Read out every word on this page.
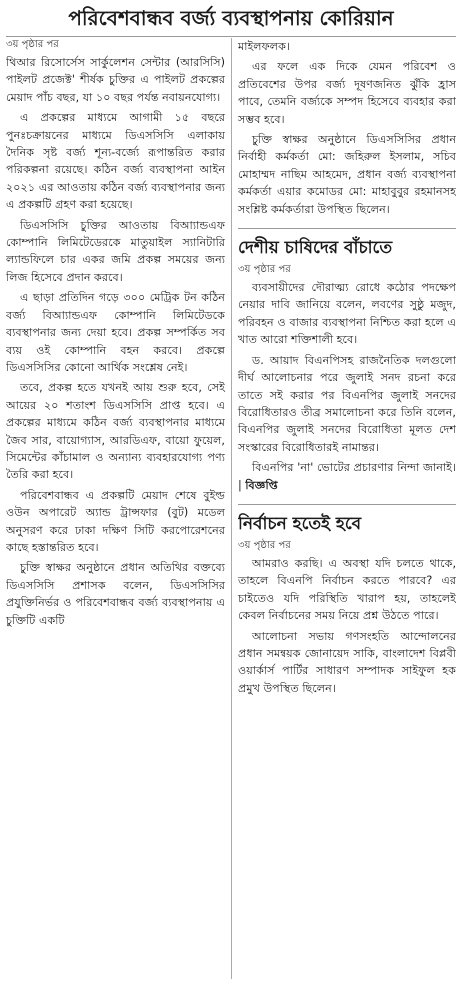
পরিবেশবান্ধব বর্জ্য ব্যবস্থাপনায় কোরিয়ান
৩য় পৃষ্ঠার পর

থিআর রিসোর্সেস সার্কুলেশন সেন্টার (আরসিসি) পাইলট প্রজেক্ট' শীর্ষক চুক্তির এ পাইলট প্রকল্পের মেয়াদ পাঁচ বছর, যা ১০ বছর পর্যন্ত নবায়নযোগ্য।

এ প্রকল্পের মাধ্যমে আগামী ১৫ বছরে পুনঃচক্রায়নের মাধ্যমে ডিএসসিসি এলাকায় দৈনিক সৃষ্ট বর্জ্য শূন্য-বর্জ্যে রূপান্তরিত করার পরিকল্পনা রয়েছে। কঠিন বর্জ্য ব্যবস্থাপনা আইন ২০২১ এর আওতায় কঠিন বর্জ্য ব্যবস্থাপনার জন্য এ প্রকল্পটি গ্রহণ করা হয়েছে।

ডিএসসিসি চুক্তির আওতায় বিআ্যান্ডএফ কোম্পানি লিমিটেডেরকে মাতুয়াইল স্যানিটারি ল্যান্ডফিলে চার একর জমি প্রকল্প সময়ের জন্য লিজ হিসেবে প্রদান করবে।

এ ছাড়া প্রতিদিন গড়ে ৩০০ মেট্রিক টন কঠিন বর্জ্য বিআ্যান্ডএফ কোম্পানি লিমিটেডকে ব্যবস্থাপনার জন্য দেয়া হবে। প্রকল্প সম্পর্কিত সব ব্যয় ওই কোম্পানি বহন করবে। প্রকল্পে ডিএসসিসির কোনো আর্থিক সংশ্লেষ নেই।

তবে, প্রকল্প হতে যখনই আয় শুরু হবে, সেই আয়ের ২০ শতাংশ ডিএসসিসি প্রাপ্ত হবে। এ প্রকল্পের মাধ্যমে কঠিন বর্জ্য ব্যবস্থাপনার মাধ্যমে জৈব সার, বায়োগ্যাস, আরডিএফ, বায়ো ফুয়েল, সিমেন্টের কাঁচামাল ও অন্যান্য ব্যবহারযোগ্য পণ্য তৈরি করা হবে।

পরিবেশবান্ধব এ প্রকল্পটি মেয়াদ শেষে বুইল্ড ওউন অপারেট অ্যান্ড ট্রান্সফার (বুট) মডেল অনুসরণ করে ঢাকা দক্ষিণ সিটি করপোরেশনের কাছে হস্তান্তরিত হবে।

চুক্তি স্বাক্ষর অনুষ্ঠানে প্রধান অতিথির বক্তব্যে ডিএসসিসি প্রশাসক বলেন, ডিএসসিসির প্রযুক্তিনির্ভর ও পরিবেশবান্ধব বর্জ্য ব্যবস্থাপনায় এ চুক্তিটি একটি

মাইলফলক।

এর ফলে এক দিকে যেমন পরিবেশ ও প্রতিবেশের উপর বর্জ্য দূষণজনিত ঝুঁকি হ্রাস পাবে, তেমনি বর্জ্যকে সম্পদ হিসেবে ব্যবহার করা সম্ভব হবে।

চুক্তি স্বাক্ষর অনুষ্ঠানে ডিএসসিসির প্রধান নির্বাহী কর্মকর্তা মো: জহিরুল ইসলাম, সচিব মোহাম্মদ নাছিম আহমেদ, প্রধান বর্জ্য ব্যবস্থাপনা কর্মকর্তা এয়ার কমোডর মো: মাহাবুবুর রহমানসহ সংশ্লিষ্ট কর্মকর্তারা উপস্থিত ছিলেন।

দেশীয় চাষিদের বাঁচাতে
৩য় পৃষ্ঠার পর

ব্যবসায়ীদের দৌরাত্ম্য রোধে কঠোর পদক্ষেপ নেয়ার দাবি জানিয়ে বলেন, লবণের সুষ্ঠু মজুদ, পরিবহন ও বাজার ব্যবস্থাপনা নিশ্চিত করা হলে এ খাত আরো শক্তিশালী হবে।

ড. আয়াদ বিএনপিসহ রাজনৈতিক দলগুলো দীর্ঘ আলোচনার পরে জুলাই সনদ রচনা করে তাতে সই করার পর বিএনপির জুলাই সনদের বিরোধিতারও তীব্র সমালোচনা করে তিনি বলেন, বিএনপির জুলাই সনদের বিরোধিতা মূলত দেশ সংস্কারের বিরোধিতারই নামান্তর।

বিএনপির 'না' ভোটের প্রচারণার নিন্দা জানাই। | বিজ্ঞপ্তি

নির্বাচন হতেই হবে
৩য় পৃষ্ঠার পর

আমরাও করছি। এ অবস্থা যদি চলতে থাকে, তাহলে বিএনপি নির্বাচন করতে পারবে? এর চাইতেও যদি পরিস্থিতি খারাপ হয়, তাহলেই কেবল নির্বাচনের সময় নিয়ে প্রশ্ন উঠতে পারে।

আলোচনা সভায় গণসংহতি আন্দোলনের প্রধান সমন্বয়ক জোনায়েদ সাকি, বাংলাদেশ বিপ্লবী ওয়ার্কার্স পার্টির সাধারণ সম্পাদক সাইফুল হক প্রমুখ উপস্থিত ছিলেন।
